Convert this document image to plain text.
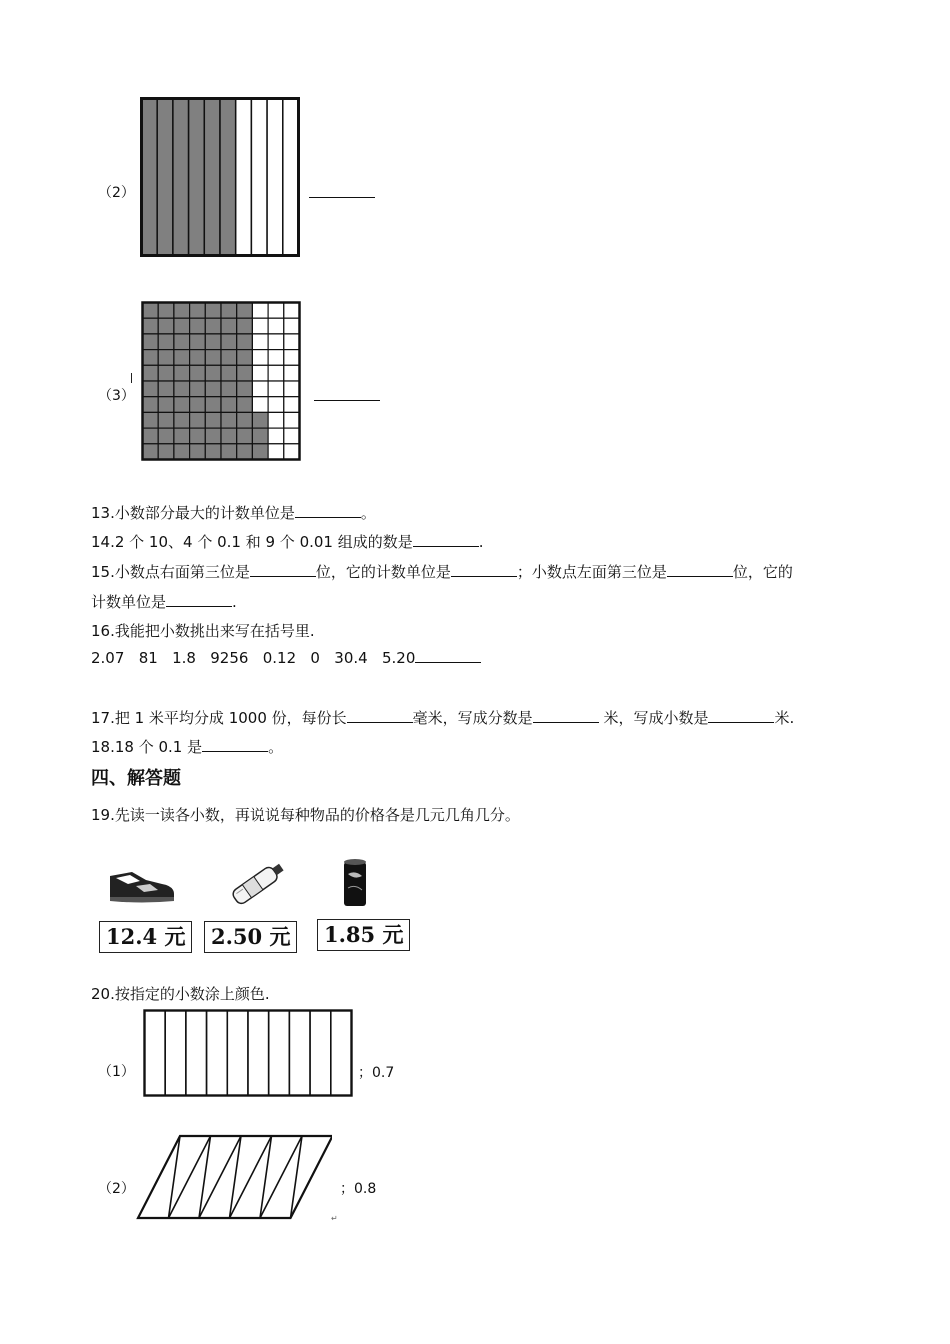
（2）
（3）
13.小数部分最大的计数单位是	。
14.2 个 10、4 个 0.1 和 9 个 0.01 组成的数是	.
15.小数点右面第三位是	位，它的计数单位是	；小数点左面第三位是	位，它的
计数单位是	.
16.我能把小数挑出来写在括号里.
2.07   81   1.8   9256   0.12   0   30.4   5.20
17.把 1 米平均分成 1000 份，每份长	毫米，写成分数是	米，写成小数是	米.
18.18 个 0.1 是	。
四、解答题
19.先读一读各小数，再说说每种物品的价格各是几元几角几分。
12.4 元	2.50 元	1.85 元
20.按指定的小数涂上颜色.
（1）	；0.7
（2）	；0.8
↵
